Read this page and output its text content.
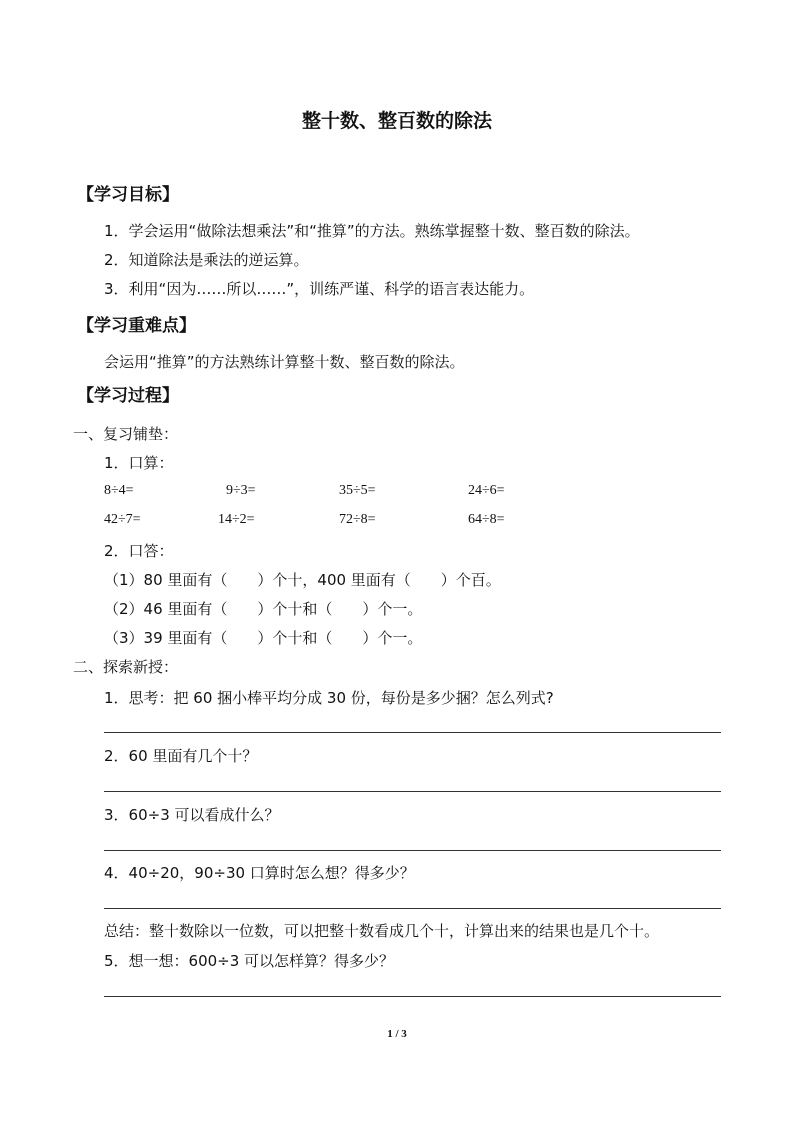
整十数、整百数的除法
【学习目标】
1．学会运用“做除法想乘法”和“推算”的方法。熟练掌握整十数、整百数的除法。
2．知道除法是乘法的逆运算。
3．利用“因为……所以……”，训练严谨、科学的语言表达能力。
【学习重难点】
会运用“推算”的方法熟练计算整十数、整百数的除法。
【学习过程】
一、复习铺垫：
1．口算：
8÷4=	9÷3=	35÷5=	24÷6=
42÷7=	14÷2=	72÷8=	64÷8=
2．口答：
（1）80 里面有（　　）个十，400 里面有（　　）个百。
（2）46 里面有（　　）个十和（　　）个一。
（3）39 里面有（　　）个十和（　　）个一。
二、探索新授：
1．思考：把 60 捆小棒平均分成 30 份，每份是多少捆？怎么列式?
2．60 里面有几个十？
3．60÷3 可以看成什么？
4．40÷20，90÷30 口算时怎么想？得多少？
总结：整十数除以一位数，可以把整十数看成几个十，计算出来的结果也是几个十。
5．想一想：600÷3 可以怎样算？得多少？
1 / 3
